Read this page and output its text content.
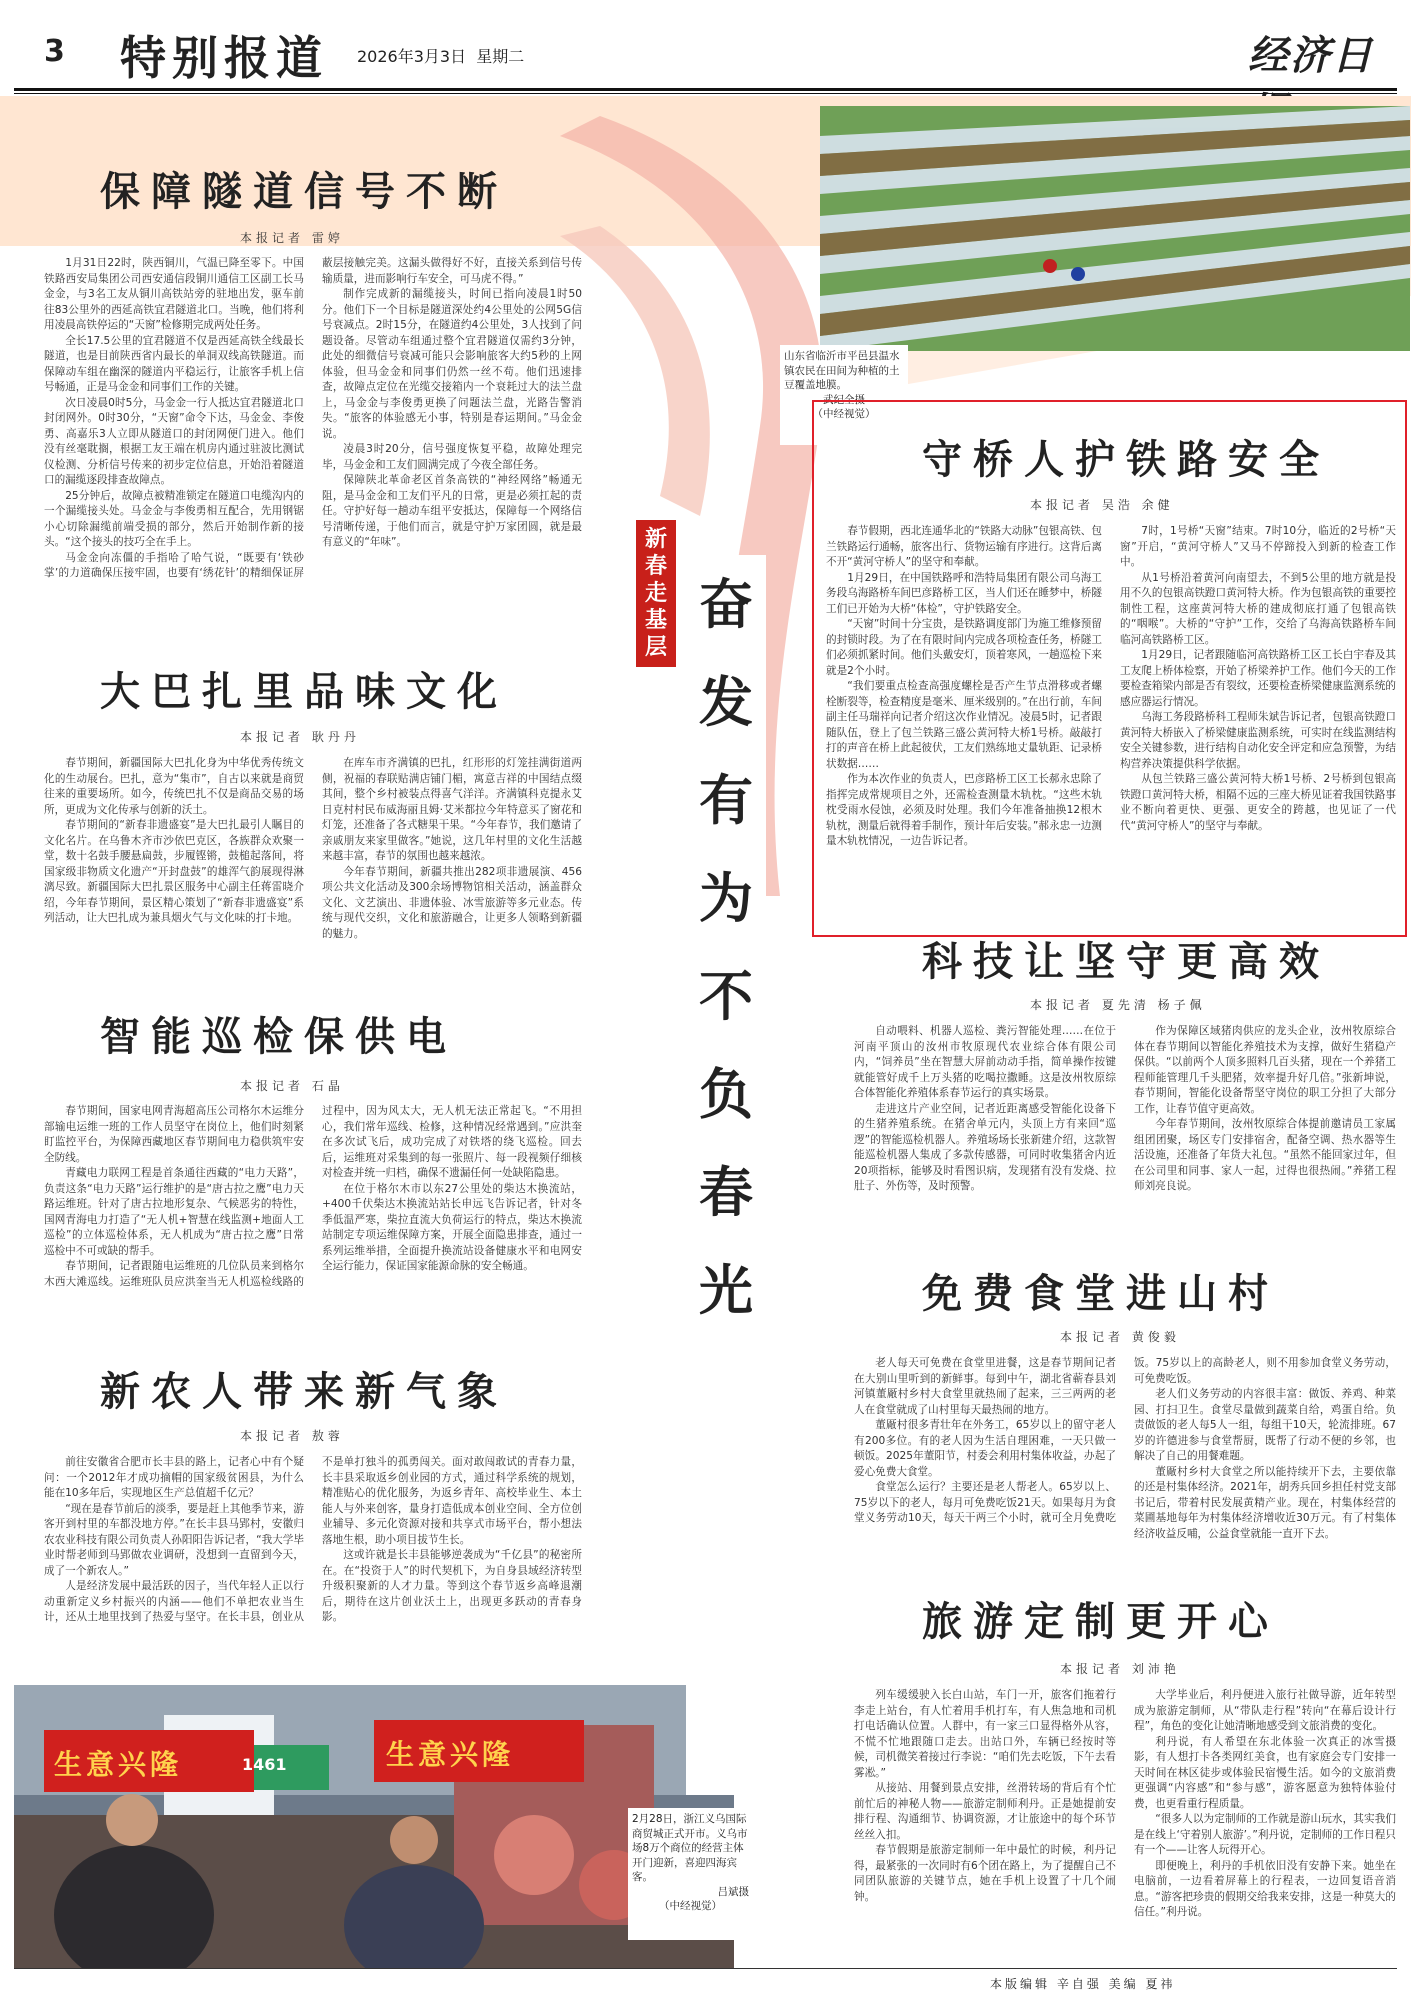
3 特别报道 2026年3月3日 星期二	经济日
保障隧道信号不断
本报记者 雷婷

1月31日22时，陕西铜川，气温已降至零下。中国铁路西安局集团公司西安通信段铜川通信工区副工长马金金，与3名工友从铜川高铁站旁的驻地出发，驱车前往83公里外的西延高铁宜君隧道北口。当晚，他们将利用凌晨高铁停运的“天窗”检修期完成两处任务。

全长17.5公里的宜君隧道不仅是西延高铁全线最长隧道，也是目前陕西省内最长的单洞双线高铁隧道。而保障动车组在幽深的隧道内平稳运行，让旅客手机上信号畅通，正是马金金和同事们工作的关键。

次日凌晨0时5分，马金金一行人抵达宜君隧道北口封闭网外。0时30分，“天窗”命令下达，马金金、李俊勇、高嘉乐3人立即从隧道口的封闭网便门进入。他们没有丝毫耽搁，根据工友王端在机房内通过驻波比测试仪检测、分析信号传来的初步定位信息，开始沿着隧道口的漏缆逐段排查故障点。

25分钟后，故障点被精准锁定在隧道口电缆沟内的一个漏缆接头处。马金金与李俊勇相互配合，先用钢锯小心切除漏缆前端受损的部分，然后开始制作新的接头。“这个接头的技巧全在手上。

马金金向冻僵的手指哈了哈气说，“既要有‘铁砂掌’的力道确保压接牢固，也要有‘绣花针’的精细保证屏蔽层接触完美。这漏头做得好不好，直接关系到信号传输质量，进而影响行车安全，可马虎不得。”

制作完成新的漏缆接头，时间已指向凌晨1时50分。他们下一个目标是隧道深处约4公里处的公网5G信号衰减点。2时15分，在隧道约4公里处，3人找到了问题设备。尽管动车组通过整个宜君隧道仅需约3分钟，此处的细微信号衰减可能只会影响旅客大约5秒的上网体验，但马金金和同事们仍然一丝不苟。他们迅速排查，故障点定位在光缆交接箱内一个衰耗过大的法兰盘上，马金金与李俊勇更换了问题法兰盘，光路告警消失。“旅客的体验感无小事，特别是春运期间。”马金金说。

凌晨3时20分，信号强度恢复平稳，故障处理完毕，马金金和工友们圆满完成了今夜全部任务。

保障陕北革命老区首条高铁的“神经网络”畅通无阻，是马金金和工友们平凡的日常，更是必须扛起的责任。守护好每一趟动车组平安抵达，保障每一个网络信号清晰传递，于他们而言，就是守护万家团圆，就是最有意义的“年味”。

大巴扎里品味文化
本报记者 耿丹丹

春节期间，新疆国际大巴扎化身为中华优秀传统文化的生动展台。巴扎，意为“集市”，自古以来就是商贸往来的重要场所。如今，传统巴扎不仅是商品交易的场所，更成为文化传承与创新的沃土。

春节期间的“新春非遗盛宴”是大巴扎最引人瞩目的文化名片。在乌鲁木齐市沙依巴克区，各族群众欢聚一堂，数十名鼓手腰悬扁鼓，步履铿锵，鼓槌起落间，将国家级非物质文化遗产“开封盘鼓”的雄浑气韵展现得淋漓尽致。新疆国际大巴扎景区服务中心副主任蒋雷晓介绍，今年春节期间，景区精心策划了“新春非遗盛宴”系列活动，让大巴扎成为兼具烟火气与文化味的打卡地。

在库车市齐满镇的巴扎，红形形的灯笼挂满街道两侧，祝福的春联贴满店铺门楣，寓意吉祥的中国结点缀其间，整个乡村被装点得喜气洋洋。齐满镇科克提永艾日克村村民布威海丽且姆·艾米都拉今年特意买了窗花和灯笼，还准备了各式糖果干果。“今年春节，我们邀请了亲戚朋友来家里做客。”她说，这几年村里的文化生活越来越丰富，春节的氛围也越来越浓。

今年春节期间，新疆共推出282项非遗展演、456项公共文化活动及300余场博物馆相关活动，涵盖群众文化、文艺演出、非遗体验、冰雪旅游等多元业态。传统与现代交织，文化和旅游融合，让更多人领略到新疆的魅力。

智能巡检保供电
本报记者 石晶

春节期间，国家电网青海超高压公司格尔木运维分部输电运维一班的工作人员坚守在岗位上，他们时刻紧盯监控平台，为保障西藏地区春节期间电力稳供筑牢安全防线。

青藏电力联网工程是首条通往西藏的“电力天路”，负责这条“电力天路”运行维护的是“唐古拉之鹰”电力天路运维班。针对了唐古拉地形复杂、气候恶劣的特性，国网青海电力打造了“无人机+智慧在线监测+地面人工巡检”的立体巡检体系，无人机成为“唐古拉之鹰”日常巡检中不可或缺的帮手。

春节期间，记者跟随电运维班的几位队员来到格尔木西大滩巡线。运维班队员应洪奎当无人机巡检线路的过程中，因为风太大，无人机无法正常起飞。“不用担心，我们常年巡线、检修，这种情况经常遇到。”应洪奎在多次试飞后，成功完成了对铁塔的绕飞巡检。回去后，运维班对采集到的每一张照片、每一段视频仔细核对检查并统一归档，确保不遗漏任何一处缺陷隐患。

在位于格尔木市以东27公里处的柴达木换流站，+400千伏柴达木换流站站长申远飞告诉记者，针对冬季低温严寒，柴拉直流大负荷运行的特点，柴达木换流站制定专项运维保障方案，开展全面隐患排查，通过一系列运维举措，全面提升换流站设备健康水平和电网安全运行能力，保证国家能源命脉的安全畅通。

新农人带来新气象
本报记者 敖蓉

前往安徽省合肥市长丰县的路上，记者心中有个疑问：一个2012年才成功摘帽的国家级贫困县，为什么能在10多年后，实现地区生产总值超千亿元？

“现在是春节前后的淡季，要是赶上其他季节来，游客开到村里的车都没地方停。”在长丰县马郢村，安徽归农农业科技有限公司负责人孙阳阳告诉记者，“我大学毕业时帮老师到马郢做农业调研，没想到一直留到今天，成了一个新农人。”

人是经济发展中最活跃的因子，当代年轻人正以行动重新定义乡村振兴的内涵——他们不单把农业当生计，还从土地里找到了热爱与坚守。在长丰县，创业从不是单打独斗的孤勇闯关。面对敢闯敢试的青春力量，长丰县采取返乡创业园的方式，通过科学系统的规划，精准贴心的优化服务，为返乡青年、高校毕业生、本土能人与外来创客，量身打造低成本创业空间、全方位创业辅导、多元化资源对接和共享式市场平台，帮小想法落地生根，助小项目拔节生长。

这或许就是长丰县能够逆袭成为“千亿县”的秘密所在。在“投资于人”的时代契机下，为自身县域经济转型升级积聚新的人才力量。等到这个春节返乡高峰退潮后，期待在这片创业沃土上，出现更多跃动的青春身影。

生意兴隆	生意兴隆
1461
2月28日，浙江义乌国际商贸城正式开市。义乌市场8万个商位的经营主体开门迎新，喜迎四海宾客。
吕斌摄
（中经视觉）
山东省临沂市平邑县温水镇农民在田间为种植的土豆覆盖地膜。
武纪全摄
（中经视觉）
新春走基层
奋
发
有
为
不
负
春
光
守桥人护铁路安全
本报记者 吴浩 余健

春节假期，西北连通华北的“铁路大动脉”包银高铁、包兰铁路运行通畅，旅客出行、货物运输有序进行。这背后离不开“黄河守桥人”的坚守和奉献。

1月29日，在中国铁路呼和浩特局集团有限公司乌海工务段乌海路桥车间巴彦路桥工区，当人们还在睡梦中，桥隧工们已开始为大桥“体检”，守护铁路安全。

“天窗”时间十分宝贵，是铁路调度部门为施工维修预留的封锁时段。为了在有限时间内完成各项检查任务，桥隧工们必须抓紧时间。他们头戴安灯，顶着寒风，一趟巡检下来就是2个小时。

“我们要重点检查高强度螺栓是否产生节点滑移或者螺栓断裂等，检查精度是毫米、厘米级别的。”在出行前，车间副主任马瑞祥向记者介绍这次作业情况。凌晨5时，记者跟随队伍，登上了包兰铁路三盛公黄河特大桥1号桥。敲敲打打的声音在桥上此起彼伏，工友们熟练地丈量轨距、记录桥状数据……

作为本次作业的负责人，巴彦路桥工区工长郝永忠除了指挥完成常规项目之外，还需检查测量木轨枕。“这些木轨枕受雨水侵蚀，必须及时处理。我们今年准备抽换12根木轨枕，测量后就得着手制作，预计年后安装。”郝永忠一边测量木轨枕情况，一边告诉记者。

7时，1号桥“天窗”结束。7时10分，临近的2号桥“天窗”开启，“黄河守桥人”又马不停蹄投入到新的检查工作中。

从1号桥沿着黄河向南望去，不到5公里的地方就是投用不久的包银高铁蹬口黄河特大桥。作为包银高铁的重要控制性工程，这座黄河特大桥的建成彻底打通了包银高铁的“咽喉”。大桥的“守护”工作，交给了乌海高铁路桥车间临河高铁路桥工区。

1月29日，记者跟随临河高铁路桥工区工长白宇春及其工友爬上桥体检察，开始了桥梁养护工作。他们今天的工作要检查箱梁内部是否有裂纹，还要检查桥梁健康监测系统的感应器运行情况。

乌海工务段路桥科工程师朱斌告诉记者，包银高铁蹬口黄河特大桥嵌入了桥梁健康监测系统，可实时在线监测结构安全关键参数，进行结构自动化安全评定和应急预警，为结构营养决策提供科学依据。

从包兰铁路三盛公黄河特大桥1号桥、2号桥到包银高铁蹬口黄河特大桥，相隔不远的三座大桥见证着我国铁路事业不断向着更快、更强、更安全的跨越，也见证了一代代“黄河守桥人”的坚守与奉献。

科技让坚守更高效
本报记者 夏先清 杨子佩

自动喂料、机器人巡检、粪污智能处理……在位于河南平顶山的汝州市牧原现代农业综合体有限公司内，“饲养员”坐在智慧大屏前动动手指，简单操作按键就能管好成千上万头猪的吃喝拉撒睡。这是汝州牧原综合体智能化养殖体系春节运行的真实场景。

走进这片产业空间，记者近距离感受智能化设备下的生猪养殖系统。在猪舍单元内，头顶上方有来回“巡逻”的智能巡检机器人。养殖场场长张新建介绍，这款智能巡检机器人集成了多款传感器，可同时收集猪舍内近20项指标，能够及时看图识病，发现猪有没有发烧、拉肚子、外伤等，及时预警。

作为保障区域猪肉供应的龙头企业，汝州牧原综合体在春节期间以智能化养殖技术为支撑，做好生猪稳产保供。“以前两个人顶多照料几百头猪，现在一个养猪工程师能管理几千头肥猪，效率提升好几倍。”张新坤说，春节期间，智能化设备帮坚守岗位的职工分担了大部分工作，让春节值守更高效。

今年春节期间，汝州牧原综合体提前邀请员工家属组团团聚，场区专门安排宿舍，配备空调、热水器等生活设施，还准备了年货大礼包。“虽然不能回家过年，但在公司里和同事、家人一起，过得也很热闹。”养猪工程师刘亮良说。

免费食堂进山村
本报记者 黄俊毅

老人每天可免费在食堂里进餐，这是春节期间记者在大别山里听到的新鲜事。每到中午，湖北省蕲春县刘河镇董厰村乡村大食堂里就热闹了起来，三三两两的老人在食堂就成了山村里每天最热闹的地方。

董厰村很多青壮年在外务工，65岁以上的留守老人有200多位。有的老人因为生活自理困难，一天只做一顿饭。2025年董阳节，村委会利用村集体收益，办起了爱心免费大食堂。

食堂怎么运行？主要还是老人帮老人。65岁以上、75岁以下的老人，每月可免费吃饭21天。如果每月为食堂义务劳动10天，每天干两三个小时，就可全月免费吃饭。75岁以上的高龄老人，则不用参加食堂义务劳动，可免费吃饭。

老人们义务劳动的内容很丰富：做饭、养鸡、种菜园、打扫卫生。食堂尽量做到蔬菜自给，鸡蛋自给。负责做饭的老人每5人一组，每组干10天，轮流排班。67岁的许德进参与食堂帮厨，既帮了行动不便的乡邻，也解决了自己的用餐难题。

董厰村乡村大食堂之所以能持续开下去，主要依靠的还是村集体经济。2021年，胡秀兵回乡担任村党支部书记后，带着村民发展黄精产业。现在，村集体经营的菜圃基地每年为村集体经济增收近30万元。有了村集体经济收益反哺，公益食堂就能一直开下去。

旅游定制更开心
本报记者 刘沛艳

列车缓缓驶入长白山站，车门一开，旅客们拖着行李走上站台，有人忙着用手机打车，有人焦急地和司机打电话确认位置。人群中，有一家三口显得格外从容，不慌不忙地跟随口走去。出站口外，车辆已经按时等候，司机微笑着接过行李说：“咱们先去吃饭，下午去看雾凇。”

从接站、用餐到景点安排，丝滑转场的背后有个忙前忙后的神秘人物——旅游定制师利丹。正是她提前安排行程、沟通细节、协调资源，才让旅途中的每个环节丝丝入扣。

春节假期是旅游定制师一年中最忙的时候，利丹记得，最紧张的一次同时有6个团在路上，为了提醒自己不同团队旅游的关键节点，她在手机上设置了十几个闹钟。

大学毕业后，利丹便进入旅行社做导游，近年转型成为旅游定制师，从“带队走行程”转向“在幕后设计行程”，角色的变化让她清晰地感受到文旅消费的变化。

利丹说，有人希望在东北体验一次真正的冰雪摄影，有人想打卡各类网红美食，也有家庭会专门安排一天时间在林区徒步或体验民宿慢生活。如今的文旅消费更强调“内容感”和“参与感”，游客愿意为独特体验付费，也更看重行程质量。

“很多人以为定制师的工作就是游山玩水，其实我们是在线上‘守着别人旅游’。”利丹说，定制师的工作日程只有一个——让客人玩得开心。

即便晚上，利丹的手机依旧没有安静下来。她坐在电脑前，一边看着屏幕上的行程表，一边回复语音消息。“游客把珍贵的假期交给我来安排，这是一种莫大的信任。”利丹说。

本版编辑 辛自强 美编 夏祎
